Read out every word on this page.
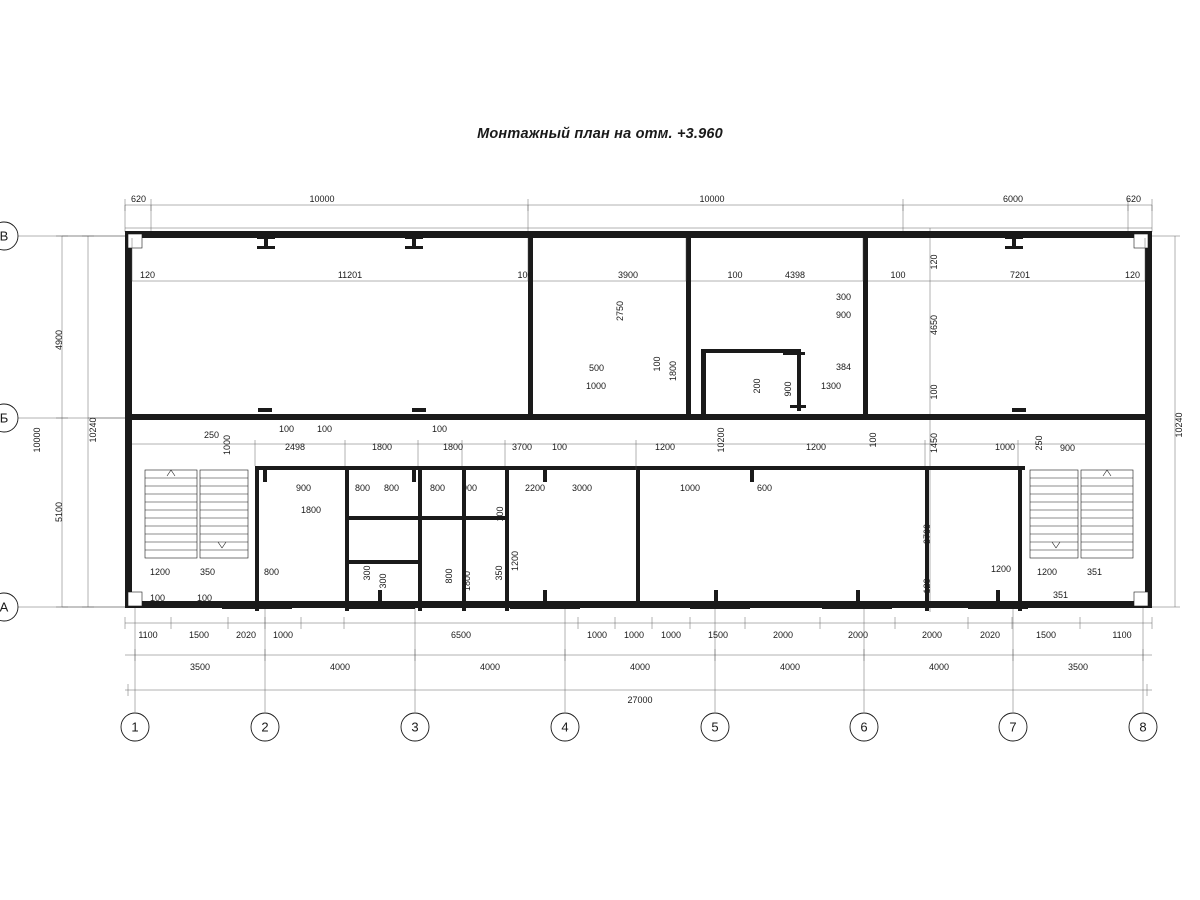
Монтажный план на отм. +3.960
1	2	3	4	5	6	7	8
В
Б
А
620	10000	10000	6000	620
120	11201	100	3900	100	4398	100	7201	120
3500	4000	4000	4000	4000	4000	3500
27000
1100	1500	2020 1000	6500	1000 1000 1000	1500	2000	2000	2000	2020	1500	1100
4900
10240
5100
10000
120
4650
100
1450
3700
120
10240
2750
500
1000
100 1800
300
900
384
1300
200 900
250 1000
100	100
2498	1800	1800
100
3700 100	1200	10200	1200	100	1000 250 900
900	800 800	800 900	2200	3000	1000	600
1800	100
1200
1200	350	800	300
300	800 1800 350	1200	1200	351
100	100	351
